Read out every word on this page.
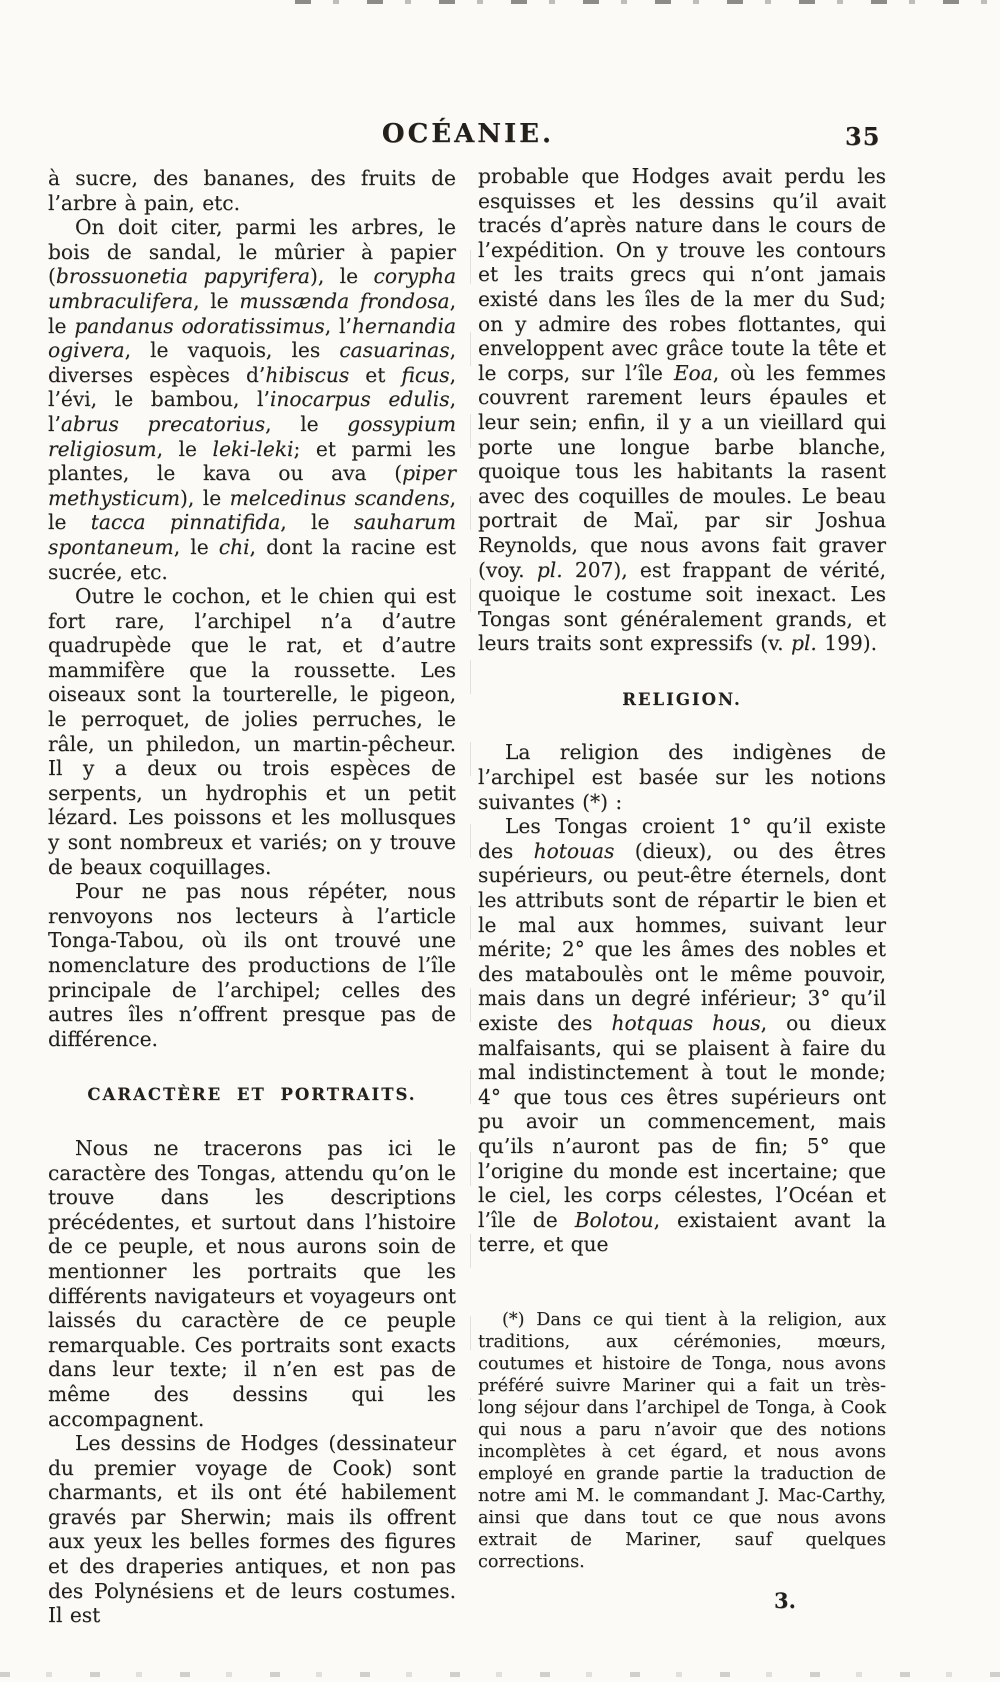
OCÉANIE.	35

à sucre, des bananes, des fruits de l’arbre à pain, etc.

On doit citer, parmi les arbres, le bois de sandal, le mûrier à papier (brossuonetia papyrifera), le corypha umbraculifera, le mussænda frondosa, le pandanus odoratissimus, l’hernandia ogivera, le vaquois, les casuarinas, diverses espèces d’hibiscus et ficus, l’évi, le bambou, l’inocarpus edulis, l’abrus precatorius, le gossypium religiosum, le leki-leki; et parmi les plantes, le kava ou ava (piper methysticum), le melcedinus scandens, le tacca pinnatifida, le sauharum spontaneum, le chi, dont la racine est sucrée, etc.

Outre le cochon, et le chien qui est fort rare, l’archipel n’a d’autre quadrupède que le rat, et d’autre mammifère que la roussette. Les oiseaux sont la tourterelle, le pigeon, le perroquet, de jolies perruches, le râle, un philedon, un martin-pêcheur. Il y a deux ou trois espèces de serpents, un hydrophis et un petit lézard. Les poissons et les mollusques y sont nombreux et variés; on y trouve de beaux coquillages.

Pour ne pas nous répéter, nous renvoyons nos lecteurs à l’article Tonga-Tabou, où ils ont trouvé une nomenclature des productions de l’île principale de l’archipel; celles des autres îles n’offrent presque pas de différence.

CARACTÈRE ET PORTRAITS.

Nous ne tracerons pas ici le caractère des Tongas, attendu qu’on le trouve dans les descriptions précédentes, et surtout dans l’histoire de ce peuple, et nous aurons soin de mentionner les portraits que les différents navigateurs et voyageurs ont laissés du caractère de ce peuple remarquable. Ces portraits sont exacts dans leur texte; il n’en est pas de même des dessins qui les accompagnent.

Les dessins de Hodges (dessinateur du premier voyage de Cook) sont charmants, et ils ont été habilement gravés par Sherwin; mais ils offrent aux yeux les belles formes des figures et des draperies antiques, et non pas des Polynésiens et de leurs costumes. Il est

probable que Hodges avait perdu les esquisses et les dessins qu’il avait tracés d’après nature dans le cours de l’expédition. On y trouve les contours et les traits grecs qui n’ont jamais existé dans les îles de la mer du Sud; on y admire des robes flottantes, qui enveloppent avec grâce toute la tête et le corps, sur l’île Eoa, où les femmes couvrent rarement leurs épaules et leur sein; enfin, il y a un vieillard qui porte une longue barbe blanche, quoique tous les habitants la rasent avec des coquilles de moules. Le beau portrait de Maï, par sir Joshua Reynolds, que nous avons fait graver (voy. pl. 207), est frappant de vérité, quoique le costume soit inexact. Les Tongas sont généralement grands, et leurs traits sont expressifs (v. pl. 199).

RELIGION.

La religion des indigènes de l’archipel est basée sur les notions suivantes (*) :

Les Tongas croient 1° qu’il existe des hotouas (dieux), ou des êtres supérieurs, ou peut-être éternels, dont les attributs sont de répartir le bien et le mal aux hommes, suivant leur mérite; 2° que les âmes des nobles et des mataboulès ont le même pouvoir, mais dans un degré inférieur; 3° qu’il existe des hotquas hous, ou dieux malfaisants, qui se plaisent à faire du mal indistinctement à tout le monde; 4° que tous ces êtres supérieurs ont pu avoir un commencement, mais qu’ils n’auront pas de fin; 5° que l’origine du monde est incertaine; que le ciel, les corps célestes, l’Océan et l’île de Bolotou, existaient avant la terre, et que

(*) Dans ce qui tient à la religion, aux traditions, aux cérémonies, mœurs, coutumes et histoire de Tonga, nous avons préféré suivre Mariner qui a fait un très-long séjour dans l’archipel de Tonga, à Cook qui nous a paru n’avoir que des notions incomplètes à cet égard, et nous avons employé en grande partie la traduction de notre ami M. le commandant J. Mac-Carthy, ainsi que dans tout ce que nous avons extrait de Mariner, sauf quelques corrections.
3.
